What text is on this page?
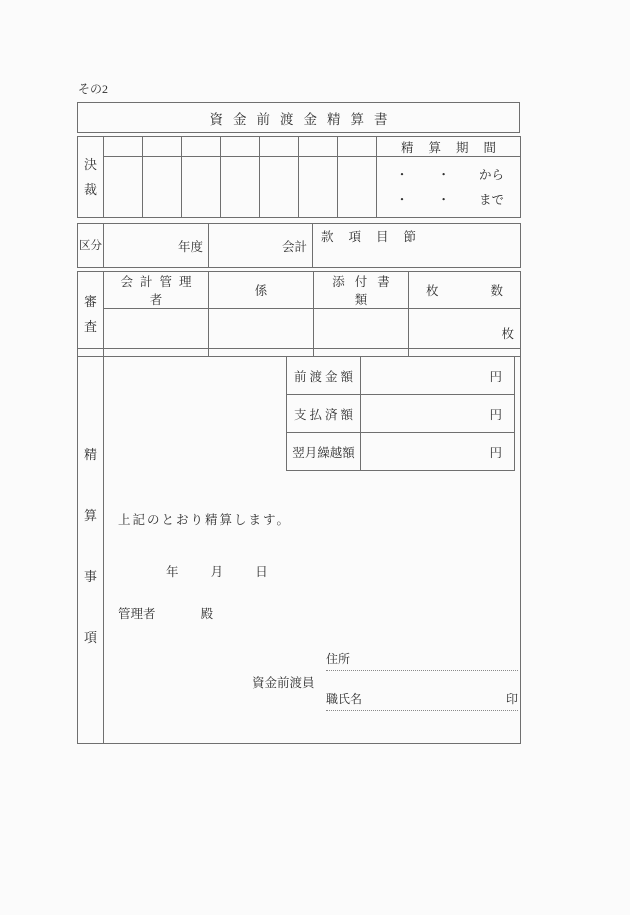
その2
資金前渡金精算書
決裁								精算期間

								・ ・ から
・ ・ まで
区分	年度	会計	款項目節
審査	会計管理者	係	添付書類	枚数
				枚
精算事項	
前渡金額	円
支払済額	円
翌月繰越額	円
上記のとおり精算します。
年 月 日
管理者 殿
資金前渡員
住所
職氏名	印
